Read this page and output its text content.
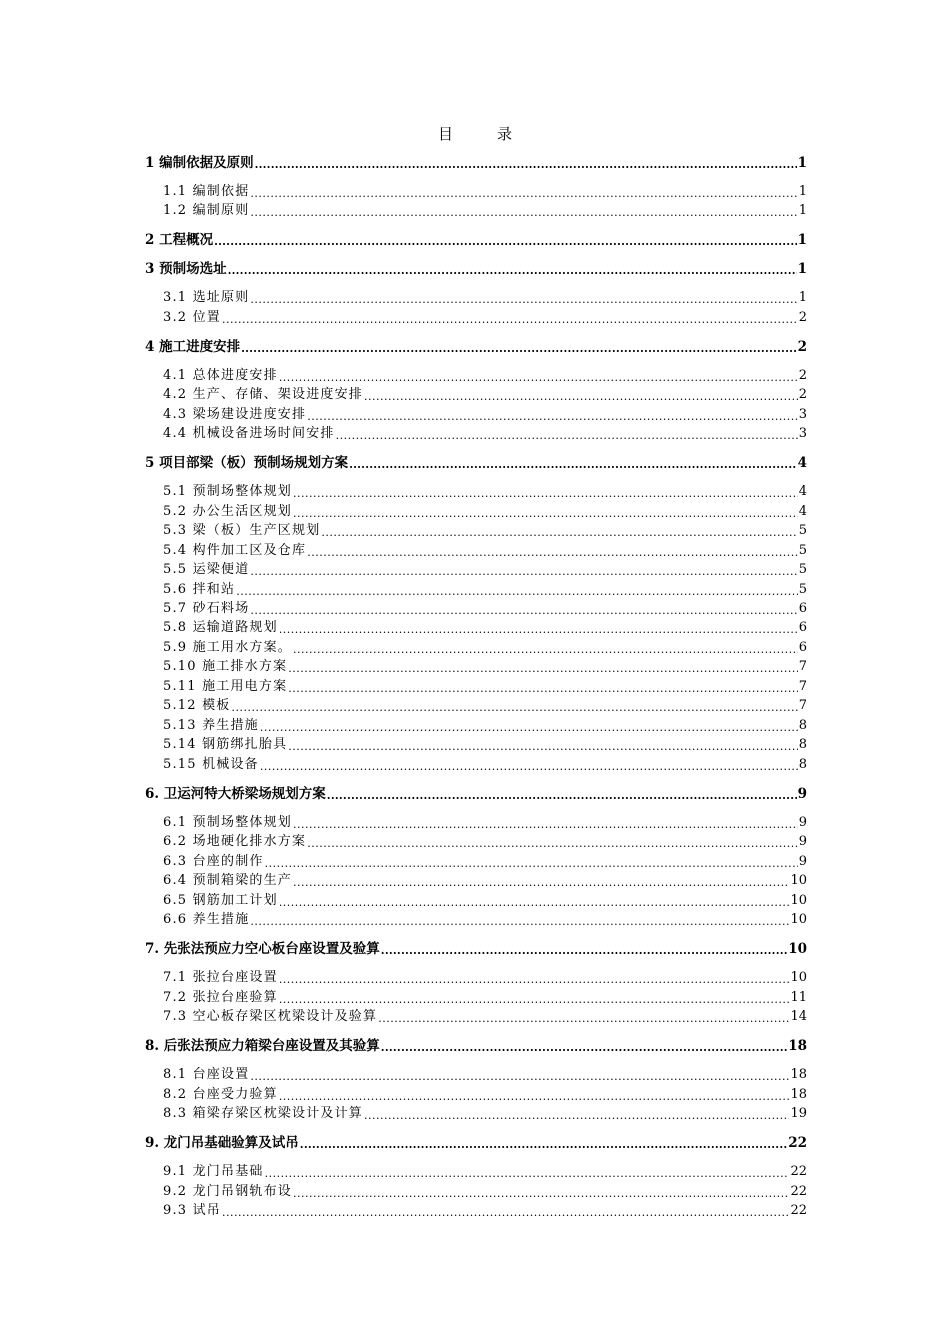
目录
1 编制依据及原则 .....	1
1.1 编制依据 .....	1
1.2 编制原则 .....	1
2 工程概况 .....	1
3 预制场选址 .....	1
3.1 选址原则 .....	1
3.2 位置 .....	2
4 施工进度安排 .....	2
4.1 总体进度安排 .....	2
4.2 生产、存储、架设进度安排 .....	2
4.3 梁场建设进度安排 .....	3
4.4 机械设备进场时间安排 .....	3
5 项目部梁（板）预制场规划方案 .....	4
5.1 预制场整体规划 .....	4
5.2 办公生活区规划 .....	4
5.3 梁（板）生产区规划 .....	5
5.4 构件加工区及仓库 .....	5
5.5 运梁便道 .....	5
5.6 拌和站 .....	5
5.7 砂石料场 .....	6
5.8 运输道路规划 .....	6
5.9 施工用水方案。 .....	6
5.10 施工排水方案 .....	7
5.11 施工用电方案 .....	7
5.12 模板 .....	7
5.13 养生措施 .....	8
5.14 钢筋绑扎胎具 .....	8
5.15 机械设备 .....	8
6. 卫运河特大桥梁场规划方案 .....	9
6.1 预制场整体规划 .....	9
6.2 场地硬化排水方案 .....	9
6.3 台座的制作 .....	9
6.4 预制箱梁的生产 .....	10
6.5 钢筋加工计划 .....	10
6.6 养生措施 .....	10
7. 先张法预应力空心板台座设置及验算 .....	10
7.1 张拉台座设置 .....	10
7.2 张拉台座验算 .....	11
7.3 空心板存梁区枕梁设计及验算 .....	14
8. 后张法预应力箱梁台座设置及其验算 .....	18
8.1 台座设置 .....	18
8.2 台座受力验算 .....	18
8.3 箱梁存梁区枕梁设计及计算 .....	19
9. 龙门吊基础验算及试吊 .....	22
9.1 龙门吊基础 .....	22
9.2 龙门吊钢轨布设 .....	22
9.3 试吊 .....	22
